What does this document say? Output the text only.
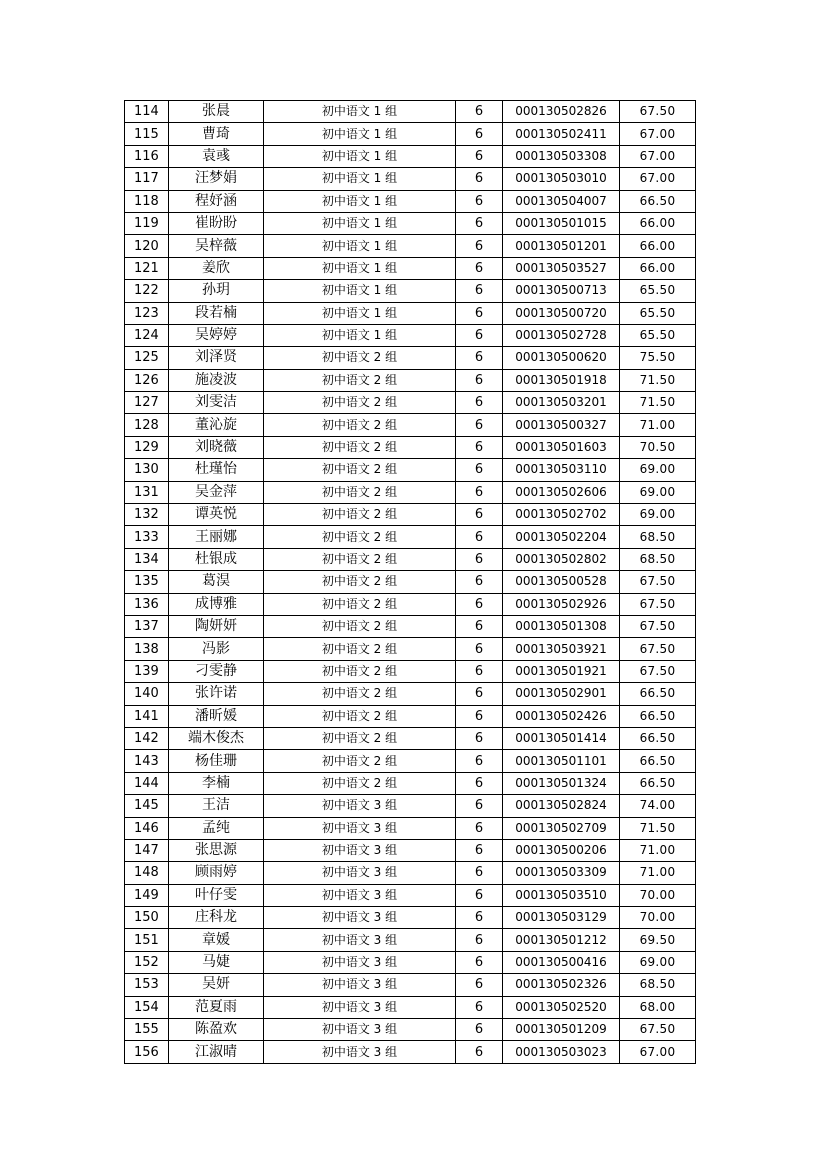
114	张晨	初中语文 1 组	6	000130502826	67.50
115	曹琦	初中语文 1 组	6	000130502411	67.00
116	袁彧	初中语文 1 组	6	000130503308	67.00
117	汪梦娟	初中语文 1 组	6	000130503010	67.00
118	程妤涵	初中语文 1 组	6	000130504007	66.50
119	崔盼盼	初中语文 1 组	6	000130501015	66.00
120	吴梓薇	初中语文 1 组	6	000130501201	66.00
121	姜欣	初中语文 1 组	6	000130503527	66.00
122	孙玥	初中语文 1 组	6	000130500713	65.50
123	段若楠	初中语文 1 组	6	000130500720	65.50
124	吴婷婷	初中语文 1 组	6	000130502728	65.50
125	刘泽贤	初中语文 2 组	6	000130500620	75.50
126	施凌波	初中语文 2 组	6	000130501918	71.50
127	刘雯洁	初中语文 2 组	6	000130503201	71.50
128	董沁旋	初中语文 2 组	6	000130500327	71.00
129	刘晓薇	初中语文 2 组	6	000130501603	70.50
130	杜瑾怡	初中语文 2 组	6	000130503110	69.00
131	吴金萍	初中语文 2 组	6	000130502606	69.00
132	谭英悦	初中语文 2 组	6	000130502702	69.00
133	王丽娜	初中语文 2 组	6	000130502204	68.50
134	杜银成	初中语文 2 组	6	000130502802	68.50
135	葛淏	初中语文 2 组	6	000130500528	67.50
136	成博雅	初中语文 2 组	6	000130502926	67.50
137	陶妍妍	初中语文 2 组	6	000130501308	67.50
138	冯影	初中语文 2 组	6	000130503921	67.50
139	刁雯静	初中语文 2 组	6	000130501921	67.50
140	张许诺	初中语文 2 组	6	000130502901	66.50
141	潘昕媛	初中语文 2 组	6	000130502426	66.50
142	端木俊杰	初中语文 2 组	6	000130501414	66.50
143	杨佳珊	初中语文 2 组	6	000130501101	66.50
144	李楠	初中语文 2 组	6	000130501324	66.50
145	王洁	初中语文 3 组	6	000130502824	74.00
146	孟纯	初中语文 3 组	6	000130502709	71.50
147	张思源	初中语文 3 组	6	000130500206	71.00
148	顾雨婷	初中语文 3 组	6	000130503309	71.00
149	叶仔雯	初中语文 3 组	6	000130503510	70.00
150	庄科龙	初中语文 3 组	6	000130503129	70.00
151	章媛	初中语文 3 组	6	000130501212	69.50
152	马婕	初中语文 3 组	6	000130500416	69.00
153	吴妍	初中语文 3 组	6	000130502326	68.50
154	范夏雨	初中语文 3 组	6	000130502520	68.00
155	陈盈欢	初中语文 3 组	6	000130501209	67.50
156	江淑晴	初中语文 3 组	6	000130503023	67.00
